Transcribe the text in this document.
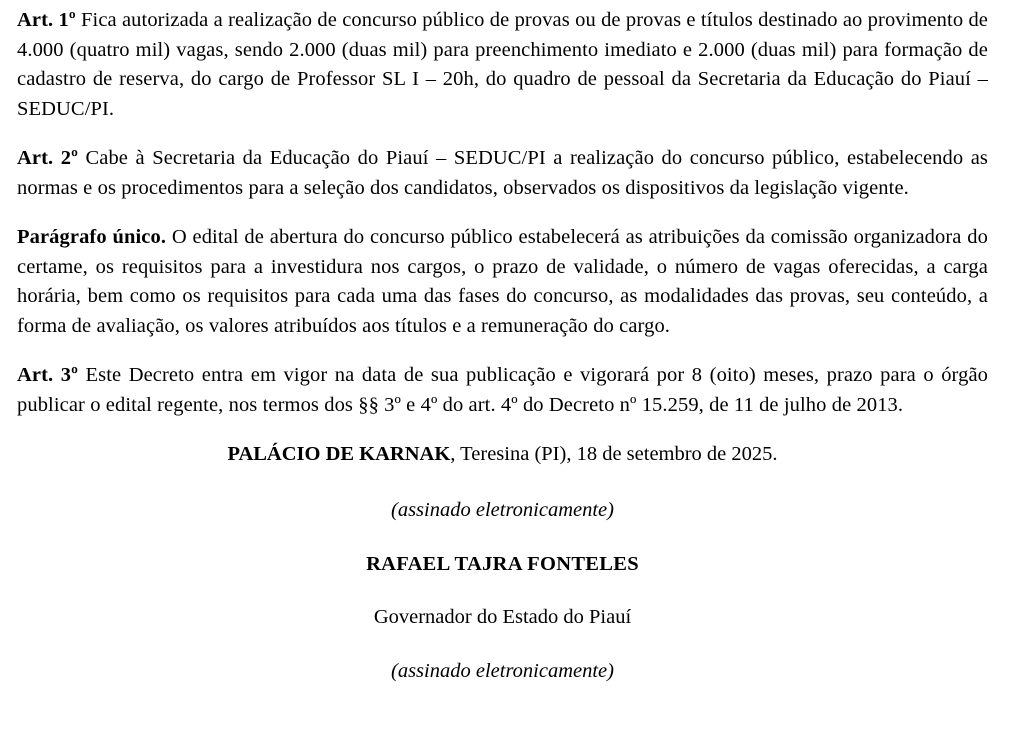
Art. 1º Fica autorizada a realização de concurso público de provas ou de provas e títulos destinado ao provimento de 4.000 (quatro mil) vagas, sendo 2.000 (duas mil) para preenchimento imediato e 2.000 (duas mil) para formação de cadastro de reserva, do cargo de Professor SL I – 20h, do quadro de pessoal da Secretaria da Educação do Piauí – SEDUC/PI.

Art. 2º Cabe à Secretaria da Educação do Piauí – SEDUC/PI a realização do concurso público, estabelecendo as normas e os procedimentos para a seleção dos candidatos, observados os dispositivos da legislação vigente.

Parágrafo único. O edital de abertura do concurso público estabelecerá as atribuições da comissão organizadora do certame, os requisitos para a investidura nos cargos, o prazo de validade, o número de vagas oferecidas, a carga horária, bem como os requisitos para cada uma das fases do concurso, as modalidades das provas, seu conteúdo, a forma de avaliação, os valores atribuídos aos títulos e a remuneração do cargo.

Art. 3º Este Decreto entra em vigor na data de sua publicação e vigorará por 8 (oito) meses, prazo para o órgão publicar o edital regente, nos termos dos §§ 3º e 4º do art. 4º do Decreto nº 15.259, de 11 de julho de 2013.

PALÁCIO DE KARNAK, Teresina (PI), 18 de setembro de 2025.

(assinado eletronicamente)

RAFAEL TAJRA FONTELES

Governador do Estado do Piauí

(assinado eletronicamente)
